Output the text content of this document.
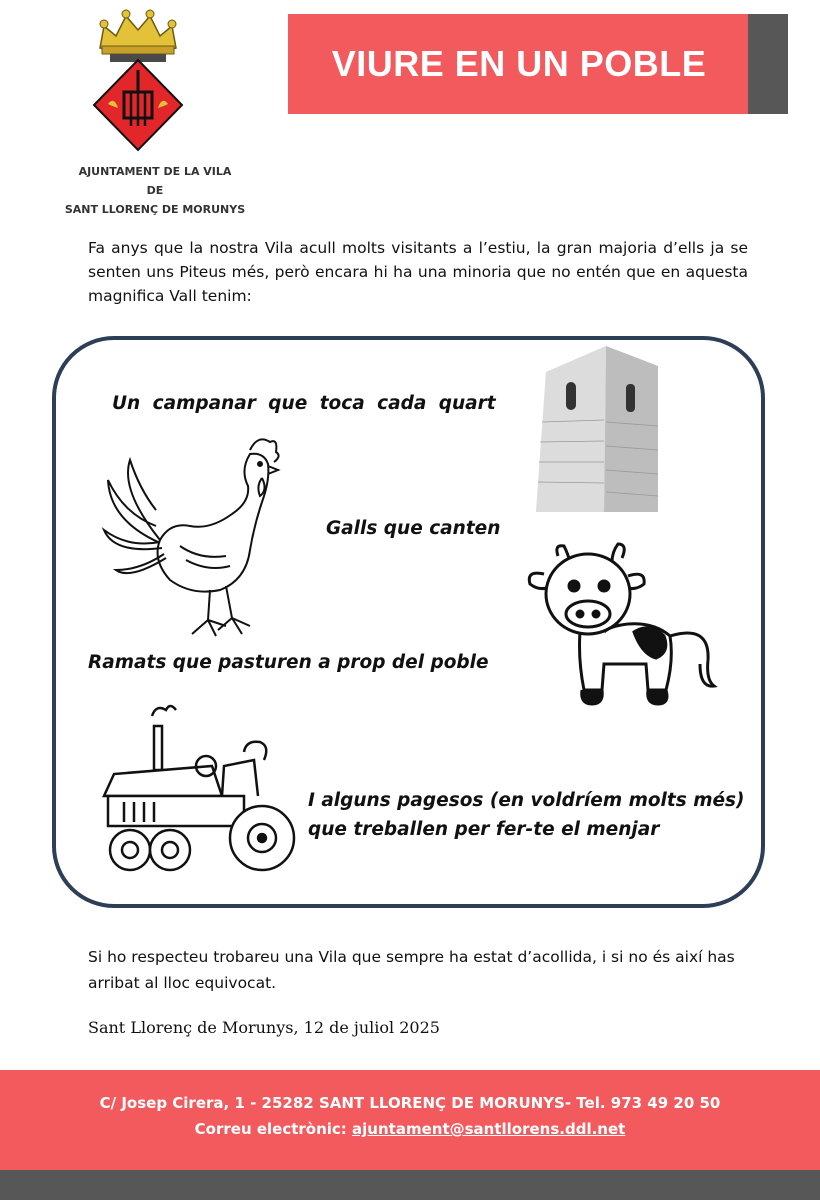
AJUNTAMENT DE LA VILA
DE
SANT LLORENÇ DE MORUNYS
VIURE EN UN POBLE

Fa anys que la nostra Vila acull molts visitants a l’estiu, la gran majoria d’ells ja se senten uns Piteus més, però encara hi ha una minoria que no entén que en aquesta magnifica Vall tenim:

Un campanar que toca cada quart
Galls que canten
Ramats que pasturen a prop del poble
I alguns pagesos (en voldríem molts més)
que treballen per fer-te el menjar

Si ho respecteu trobareu una Vila que sempre ha estat d’acollida, i si no és així has arribat al lloc equivocat.

Sant Llorenç de Morunys, 12 de juliol 2025
C/ Josep Cirera, 1 - 25282 SANT LLORENÇ DE MORUNYS- Tel. 973 49 20 50
Correu electrònic: ajuntament@santllorens.ddl.net
